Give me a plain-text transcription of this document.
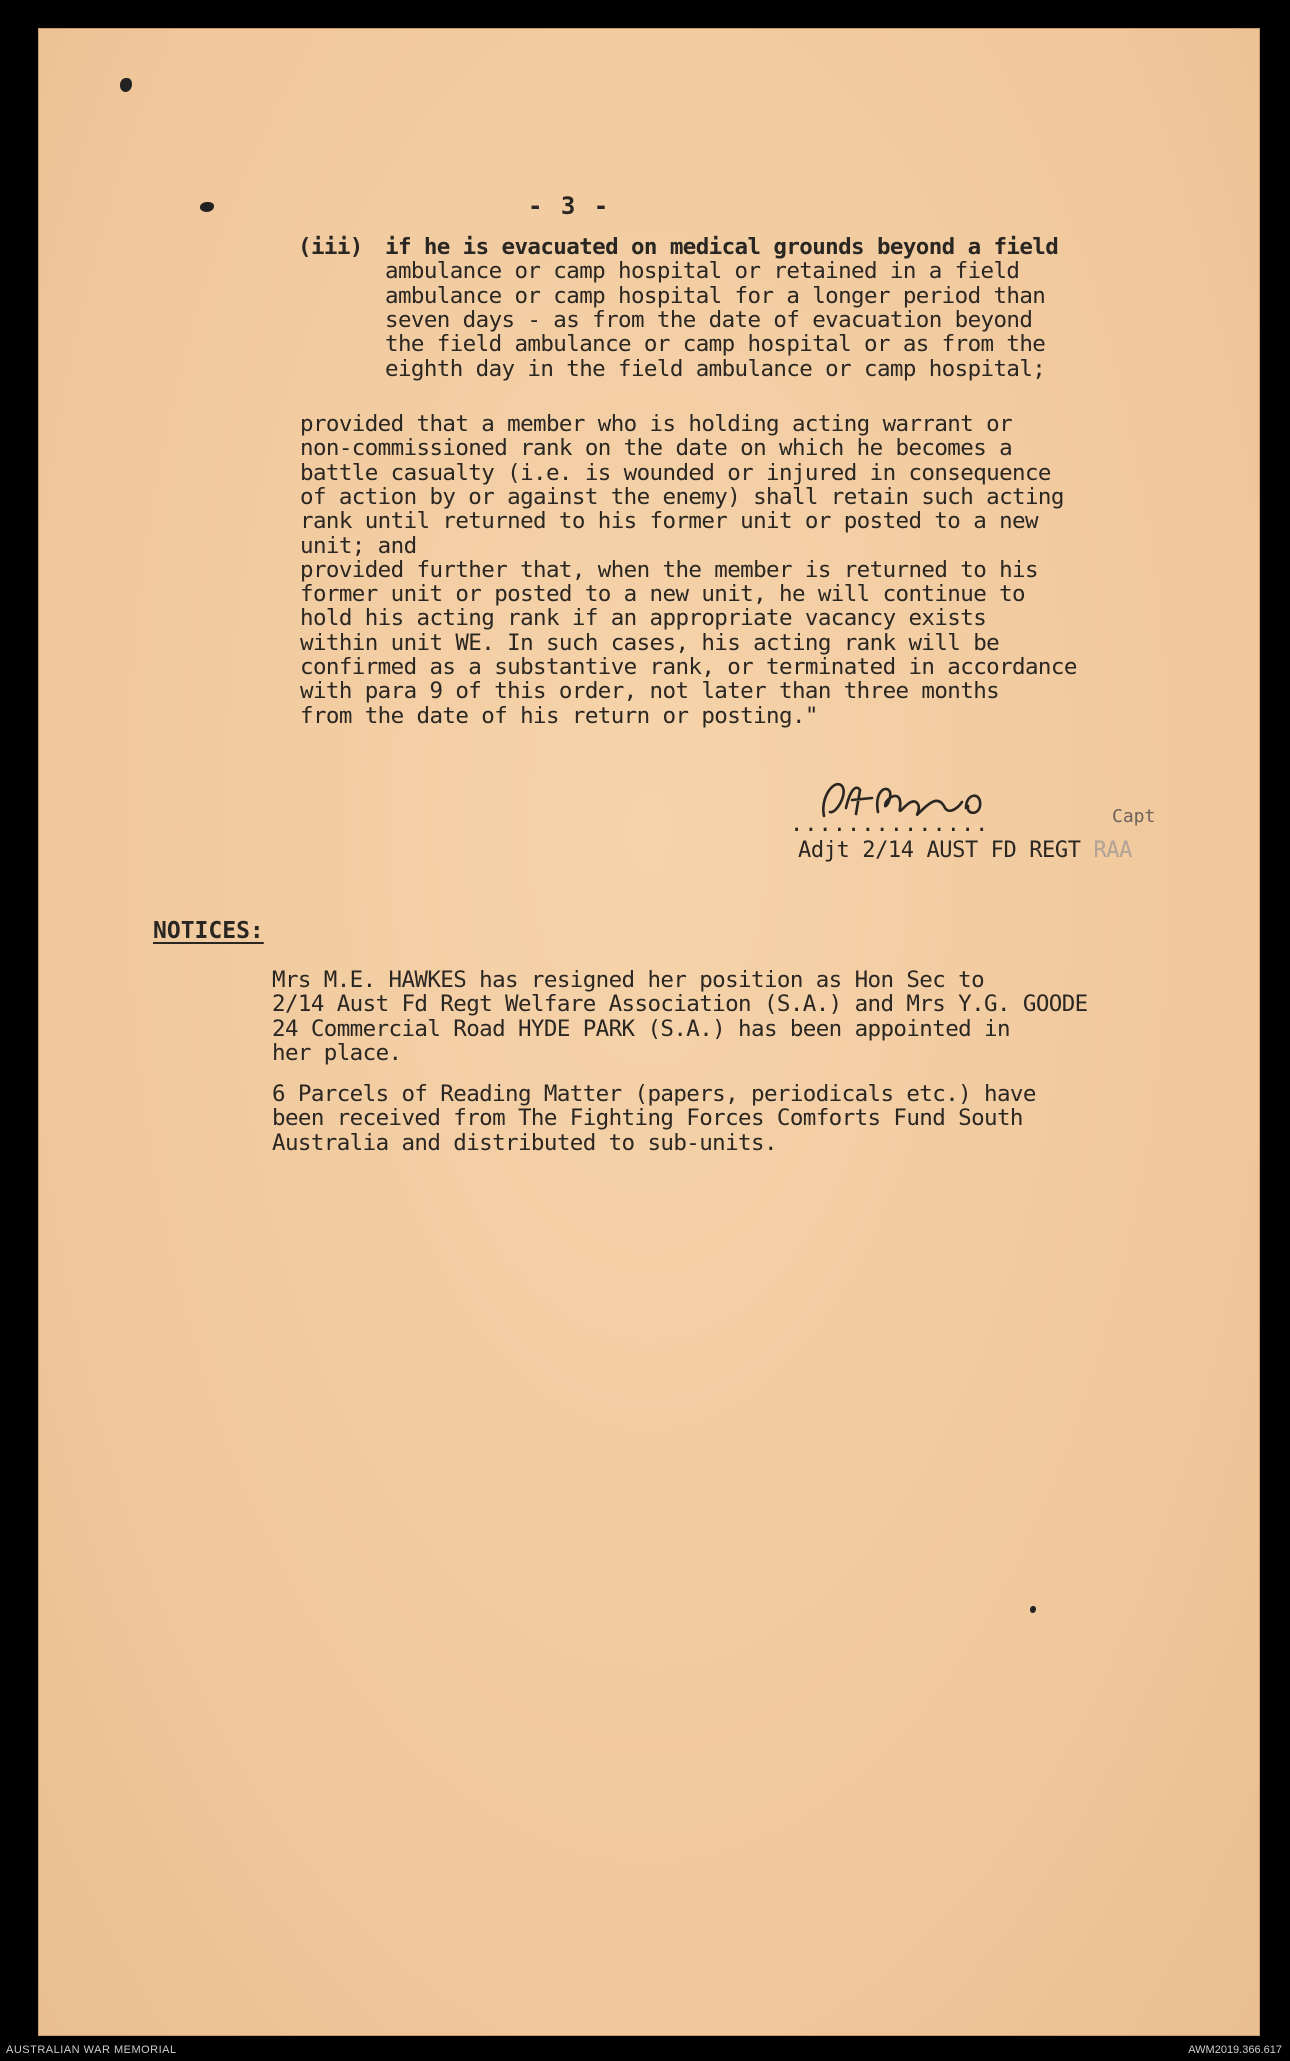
- 3 -
(iii) if he is evacuated on medical grounds beyond a field
ambulance or camp hospital or retained in a field
ambulance or camp hospital for a longer period than
seven days - as from the date of evacuation beyond
the field ambulance or camp hospital or as from the
eighth day in the field ambulance or camp hospital;
provided that a member who is holding acting warrant or
non-commissioned rank on the date on which he becomes a
battle casualty (i.e. is wounded or injured in consequence
of action by or against the enemy) shall retain such acting
rank until returned to his former unit or posted to a new
unit; and
provided further that, when the member is returned to his
former unit or posted to a new unit, he will continue to
hold his acting rank if an appropriate vacancy exists
within unit WE. In such cases, his acting rank will be
confirmed as a substantive rank, or terminated in accordance
with para 9 of this order, not later than three months
from the date of his return or posting."
..............	Capt
Adjt 2/14 AUST FD REGT RAA
NOTICES:
Mrs M.E. HAWKES has resigned her position as Hon Sec to
2/14 Aust Fd Regt Welfare Association (S.A.) and Mrs Y.G. GOODE
24 Commercial Road HYDE PARK (S.A.) has been appointed in
her place.
6 Parcels of Reading Matter (papers, periodicals etc.) have
been received from The Fighting Forces Comforts Fund South
Australia and distributed to sub-units.
AUSTRALIAN WAR MEMORIAL	AWM2019.366.617
